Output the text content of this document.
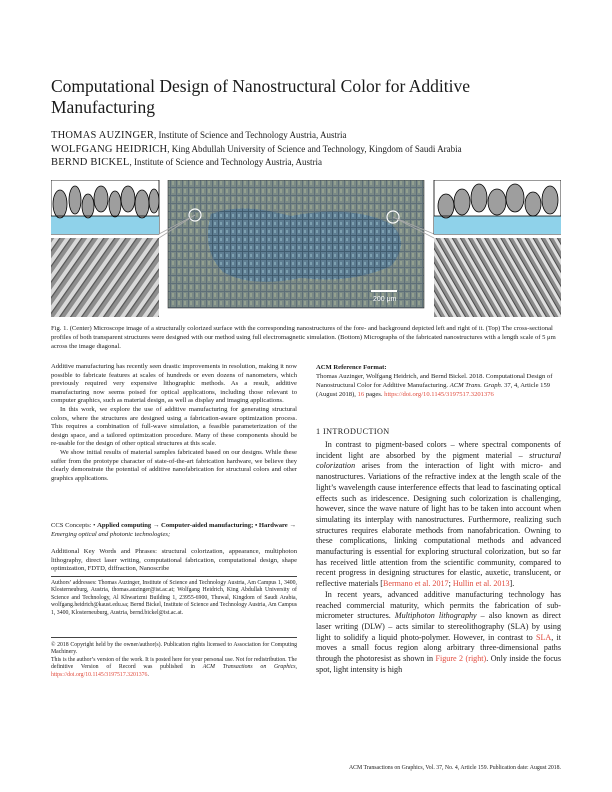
Computational Design of Nanostructural Color for Additive Manufacturing
THOMAS AUZINGER, Institute of Science and Technology Austria, Austria
WOLFGANG HEIDRICH, King Abdullah University of Science and Technology, Kingdom of Saudi Arabia
BERND BICKEL, Institute of Science and Technology Austria, Austria
200 μm
Fig. 1. (Center) Microscope image of a structurally colorized surface with the corresponding nanostructures of the fore- and background depicted left and right of it. (Top) The cross-sectional profiles of both transparent structures were designed with our method using full electromagnetic simulation. (Bottom) Micrographs of the fabricated nanostructures with a length scale of 5 μm across the image diagonal.

Additive manufacturing has recently seen drastic improvements in resolution, making it now possible to fabricate features at scales of hundreds or even dozens of nanometers, which previously required very expensive lithographic methods. As a result, additive manufacturing now seems poised for optical applications, including those relevant to computer graphics, such as material design, as well as display and imaging applications.

In this work, we explore the use of additive manufacturing for generating structural colors, where the structures are designed using a fabrication-aware optimization process. This requires a combination of full-wave simulation, a feasible parameterization of the design space, and a tailored optimization procedure. Many of these components should be re-usable for the design of other optical structures at this scale.

We show initial results of material samples fabricated based on our designs. While these suffer from the prototype character of state-of-the-art fabrication hardware, we believe they clearly demonstrate the potential of additive nanofabrication for structural colors and other graphics applications.

CCS Concepts: • Applied computing → Computer-aided manufacturing; • Hardware → Emerging optical and photonic technologies;
Additional Key Words and Phrases: structural colorization, appearance, multiphoton lithography, direct laser writing, computational fabrication, computational design, shape optimization, FDTD, diffraction, Nanoscribe
Authors’ addresses: Thomas Auzinger, Institute of Science and Technology Austria, Am Campus 1, 3400, Klosterneuburg, Austria, thomas.auzinger@ist.ac.at; Wolfgang Heidrich, King Abdullah University of Science and Technology, Al Khwarizmi Building 1, 23955-6900, Thuwal, Kingdom of Saudi Arabia, wolfgang.heidrich@kaust.edu.sa; Bernd Bickel, Institute of Science and Technology Austria, Am Campus 1, 3400, Klosterneuburg, Austria, bernd.bickel@ist.ac.at.

© 2018 Copyright held by the owner/author(s). Publication rights licensed to Association for Computing Machinery.

This is the author’s version of the work. It is posted here for your personal use. Not for redistribution. The definitive Version of Record was published in ACM Transactions on Graphics, https://doi.org/10.1145/3197517.3201376.

ACM Reference Format:
Thomas Auzinger, Wolfgang Heidrich, and Bernd Bickel. 2018. Computational Design of Nanostructural Color for Additive Manufacturing. ACM Trans. Graph. 37, 4, Article 159 (August 2018), 16 pages. https://doi.org/10.1145/3197517.3201376
1 INTRODUCTION

In contrast to pigment-based colors – where spectral components of incident light are absorbed by the pigment material – structural colorization arises from the interaction of light with micro- and nanostructures. Variations of the refractive index at the length scale of the light’s wavelength cause interference effects that lead to fascinating optical effects such as iridescence. Designing such colorization is challenging, however, since the wave nature of light has to be taken into account when simulating its interplay with nanostructures. Furthermore, realizing such structures requires elaborate methods from nanofabrication. Owning to these complications, linking computational methods and advanced manufacturing is essential for exploring structural colorization, but so far has received little attention from the scientific community, compared to recent progress in designing structures for elastic, auxetic, translucent, or reflective materials [Bermano et al. 2017; Hullin et al. 2013].

In recent years, advanced additive manufacturing technology has reached commercial maturity, which permits the fabrication of sub-micrometer structures. Multiphoton lithography – also known as direct laser writing (DLW) – acts similar to stereolithography (SLA) by using light to solidify a liquid photo-polymer. However, in contrast to SLA, it moves a small focus region along arbitrary three-dimensional paths through the photoresist as shown in Figure 2 (right). Only inside the focus spot, light intensity is high

ACM Transactions on Graphics, Vol. 37, No. 4, Article 159. Publication date: August 2018.
